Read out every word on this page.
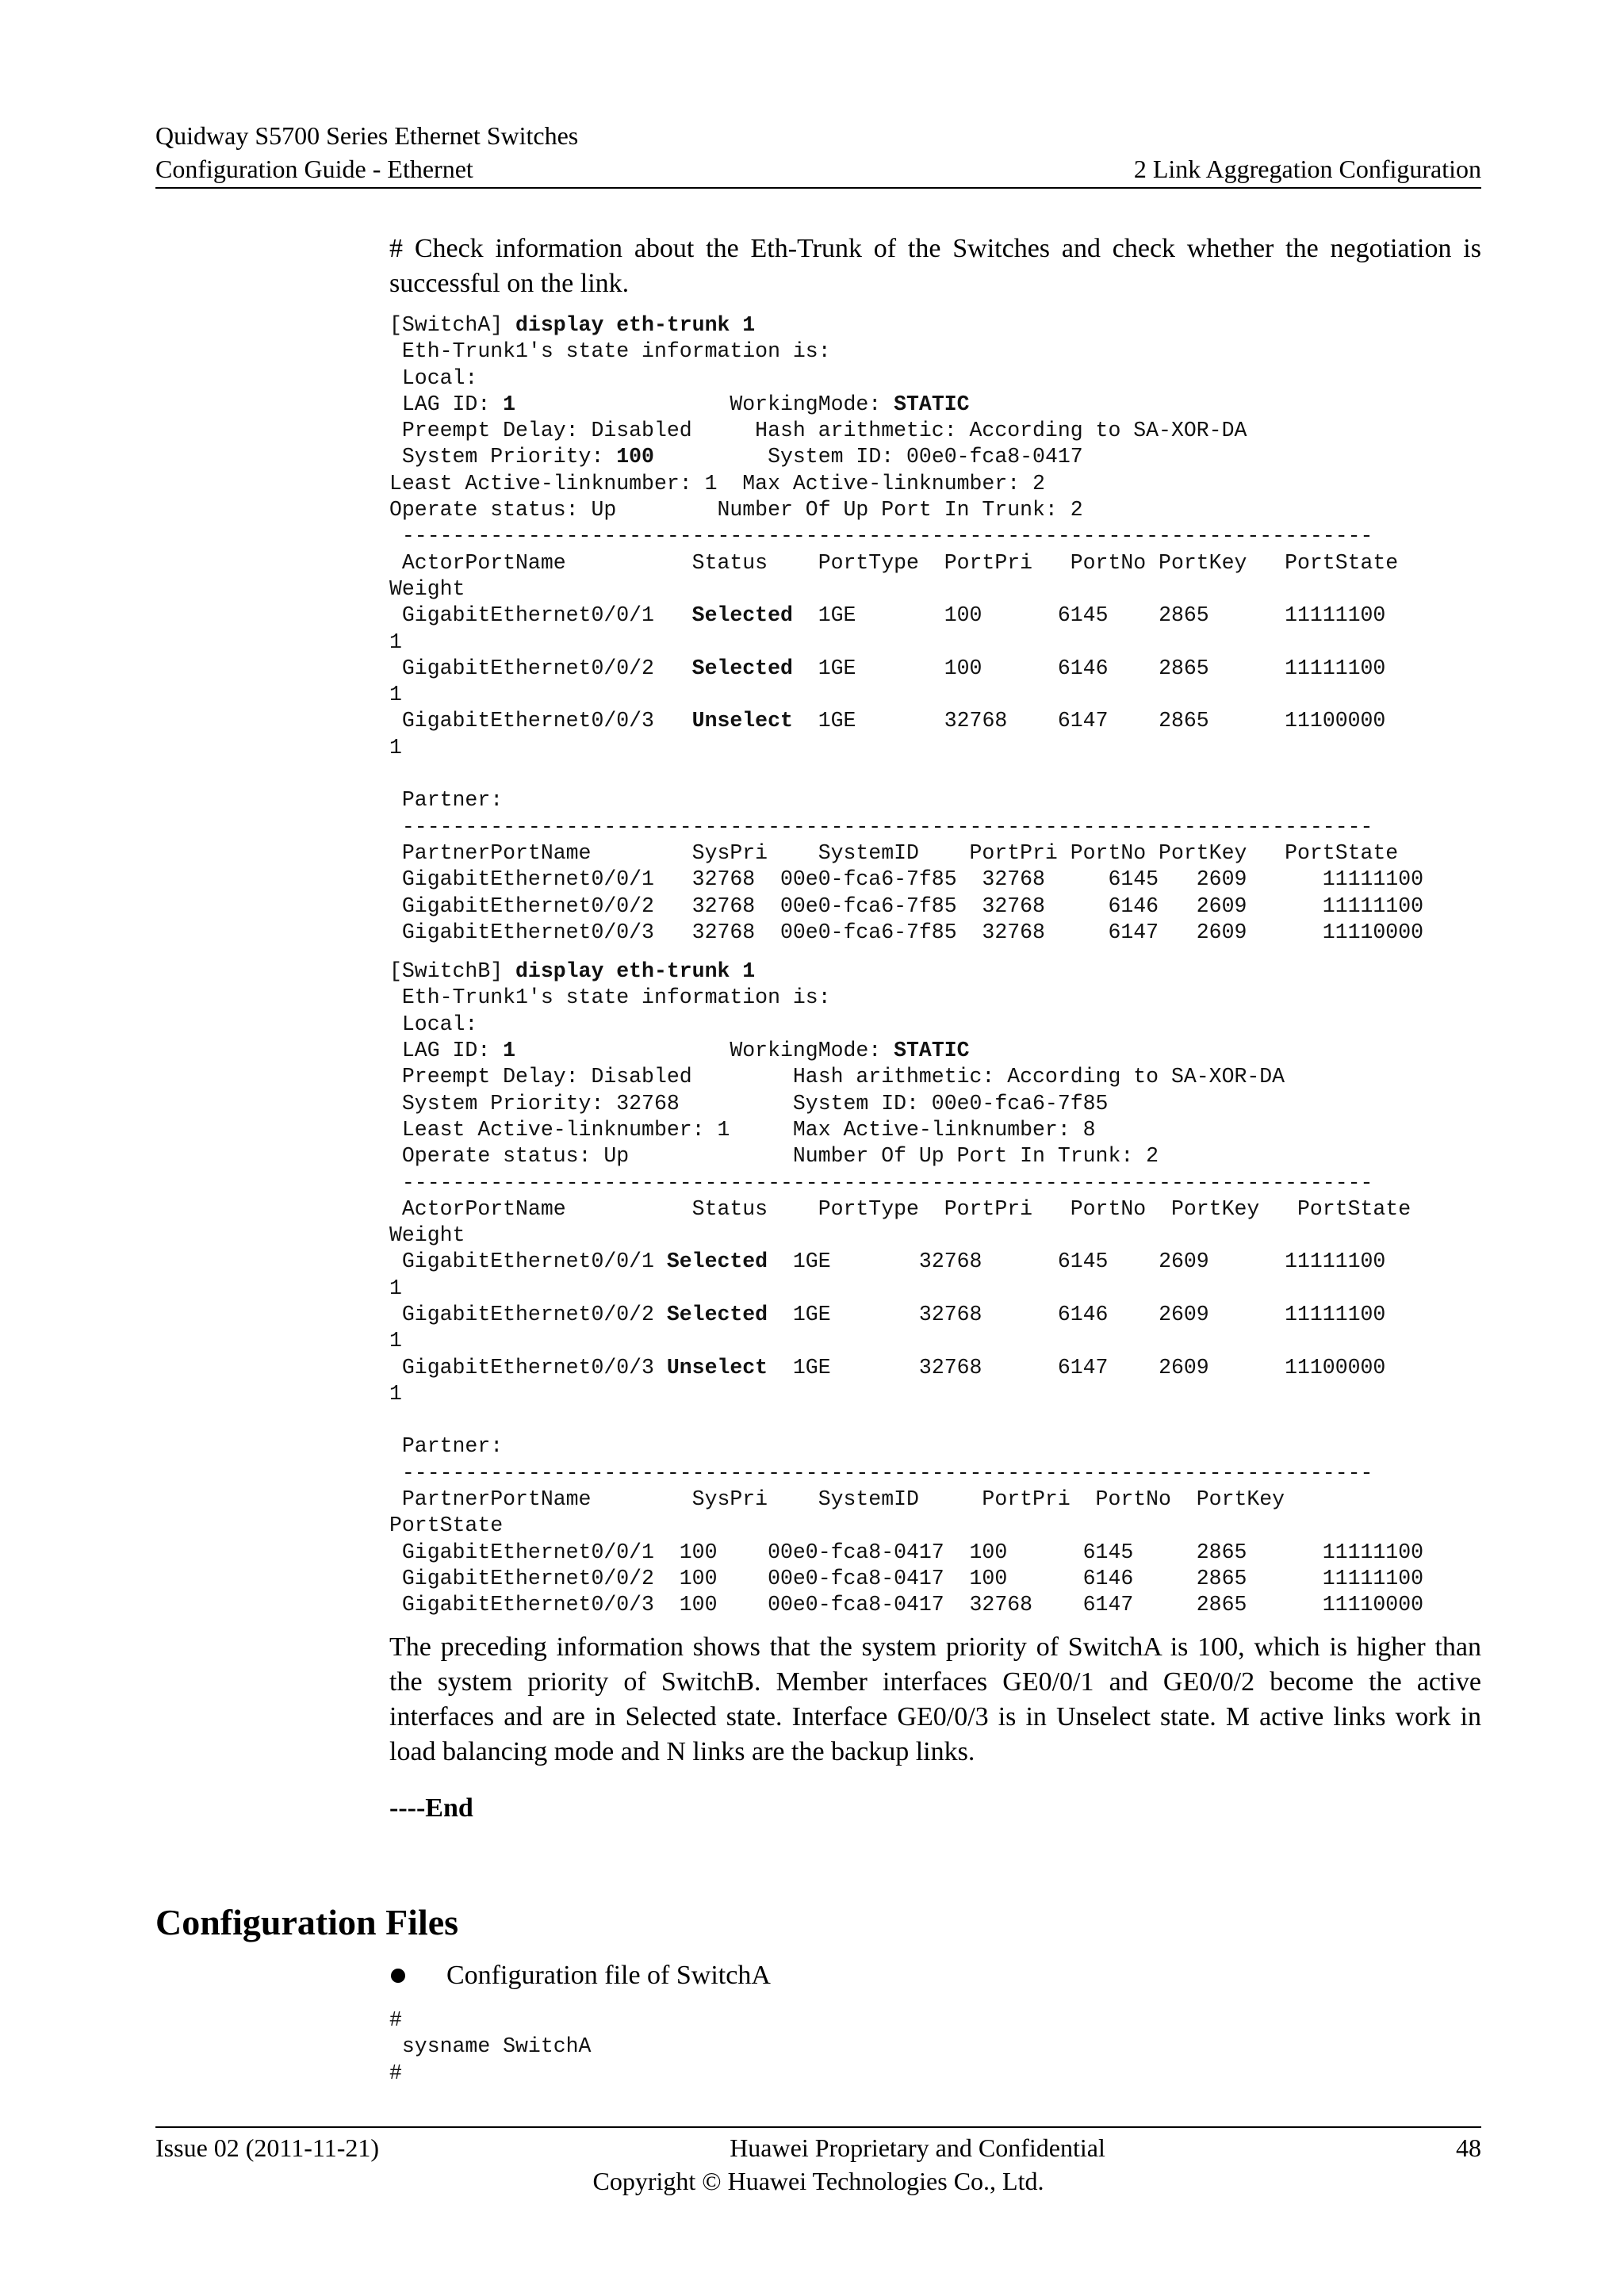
Quidway S5700 Series Ethernet Switches
Configuration Guide - Ethernet	2 Link Aggregation Configuration

# Check information about the Eth-Trunk of the Switches and check whether the negotiation is successful on the link.

[SwitchA] display eth-trunk 1
Eth-Trunk1's state information is:
Local:
LAG ID: 1                 WorkingMode: STATIC
Preempt Delay: Disabled     Hash arithmetic: According to SA-XOR-DA
System Priority: 100         System ID: 00e0-fca8-0417
Least Active-linknumber: 1  Max Active-linknumber: 2
Operate status: Up        Number Of Up Port In Trunk: 2
-----------------------------------------------------------------------------
ActorPortName          Status    PortType  PortPri   PortNo PortKey   PortState
Weight
GigabitEthernet0/0/1   Selected  1GE       100      6145    2865      11111100
1
GigabitEthernet0/0/2   Selected  1GE       100      6146    2865      11111100
1
GigabitEthernet0/0/3   Unselect  1GE       32768    6147    2865      11100000
1

Partner:
-----------------------------------------------------------------------------
PartnerPortName        SysPri    SystemID    PortPri PortNo PortKey   PortState
GigabitEthernet0/0/1   32768  00e0-fca6-7f85  32768     6145   2609      11111100
GigabitEthernet0/0/2   32768  00e0-fca6-7f85  32768     6146   2609      11111100
GigabitEthernet0/0/3   32768  00e0-fca6-7f85  32768     6147   2609      11110000
[SwitchB] display eth-trunk 1
Eth-Trunk1's state information is:
Local:
LAG ID: 1                 WorkingMode: STATIC
Preempt Delay: Disabled        Hash arithmetic: According to SA-XOR-DA
System Priority: 32768         System ID: 00e0-fca6-7f85
Least Active-linknumber: 1     Max Active-linknumber: 8
Operate status: Up             Number Of Up Port In Trunk: 2
-----------------------------------------------------------------------------
ActorPortName          Status    PortType  PortPri   PortNo  PortKey   PortState
Weight
GigabitEthernet0/0/1 Selected  1GE       32768      6145    2609      11111100
1
GigabitEthernet0/0/2 Selected  1GE       32768      6146    2609      11111100
1
GigabitEthernet0/0/3 Unselect  1GE       32768      6147    2609      11100000
1

Partner:
-----------------------------------------------------------------------------
PartnerPortName        SysPri    SystemID     PortPri  PortNo  PortKey
PortState
GigabitEthernet0/0/1  100    00e0-fca8-0417  100      6145     2865      11111100
GigabitEthernet0/0/2  100    00e0-fca8-0417  100      6146     2865      11111100
GigabitEthernet0/0/3  100    00e0-fca8-0417  32768    6147     2865      11110000

The preceding information shows that the system priority of SwitchA is 100, which is higher than the system priority of SwitchB. Member interfaces GE0/0/1 and GE0/0/2 become the active interfaces and are in Selected state. Interface GE0/0/3 is in Unselect state. M active links work in load balancing mode and N links are the backup links.

----End
Configuration Files
Configuration file of SwitchA
#
sysname SwitchA
#
Issue 02 (2011-11-21)	Huawei Proprietary and Confidential	48
Copyright © Huawei Technologies Co., Ltd.
